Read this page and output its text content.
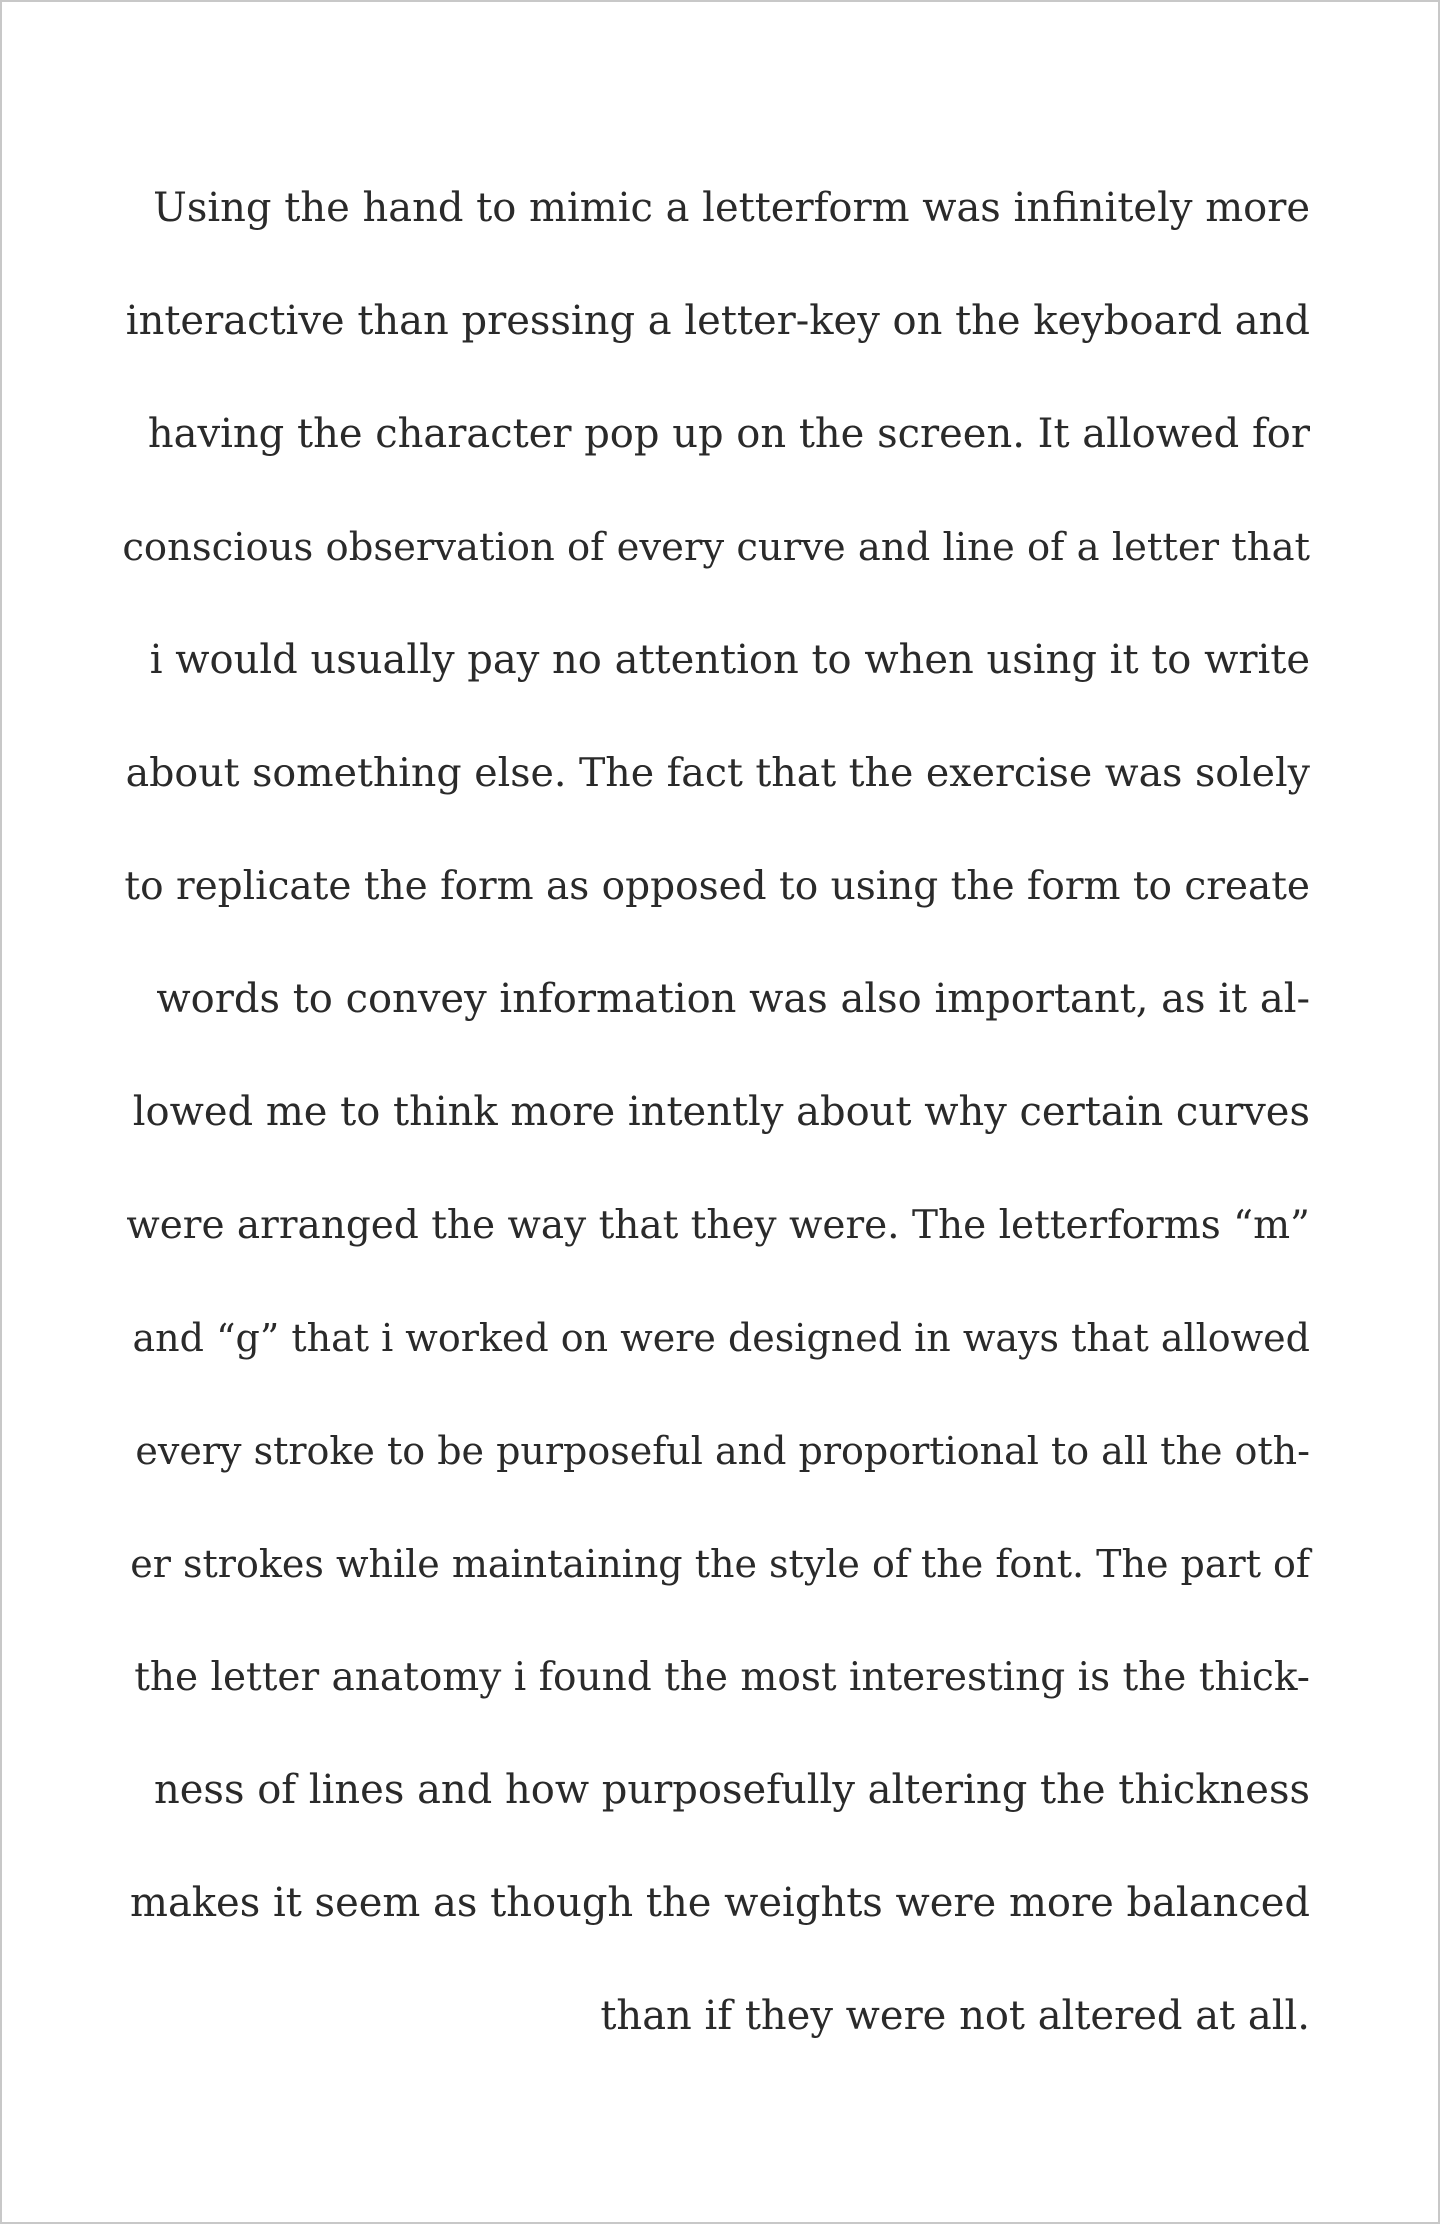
Using the hand to mimic a letterform was infinitely more
interactive than pressing a letter-key on the keyboard and
having the character pop up on the screen. It allowed for
conscious observation of every curve and line of a letter that
i would usually pay no attention to when using it to write
about something else. The fact that the exercise was solely
to replicate the form as opposed to using the form to create
words to convey information was also important, as it al-
lowed me to think more intently about why certain curves
were arranged the way that they were. The letterforms “m”
and “g” that i worked on were designed in ways that allowed
every stroke to be purposeful and proportional to all the oth-
er strokes while maintaining the style of the font. The part of
the letter anatomy i found the most interesting is the thick-
ness of lines and how purposefully altering the thickness
makes it seem as though the weights were more balanced
than if they were not altered at all.
